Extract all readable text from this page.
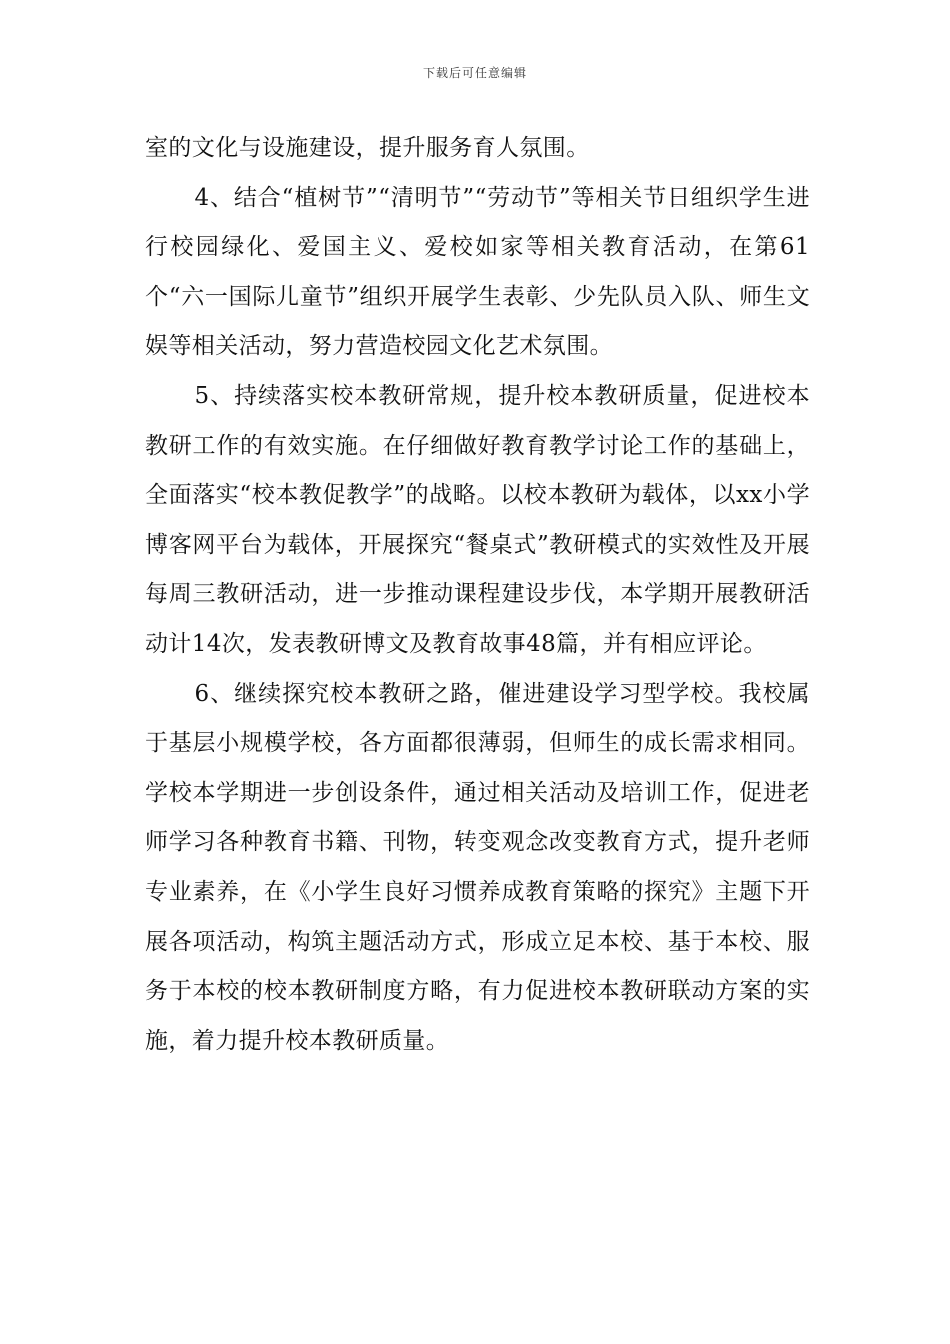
下载后可任意编辑

室的文化与设施建设，提升服务育人氛围。

4、结合“植树节”“清明节”“劳动节”等相关节日组织学生进行校园绿化、爱国主义、爱校如家等相关教育活动，在第61个“六一国际儿童节”组织开展学生表彰、少先队员入队、师生文娱等相关活动，努力营造校园文化艺术氛围。

5、持续落实校本教研常规，提升校本教研质量，促进校本教研工作的有效实施。在仔细做好教育教学讨论工作的基础上，全面落实“校本教促教学”的战略。以校本教研为载体，以xx小学博客网平台为载体，开展探究“餐桌式”教研模式的实效性及开展每周三教研活动，进一步推动课程建设步伐，本学期开展教研活动计14次，发表教研博文及教育故事48篇，并有相应评论。

6、继续探究校本教研之路，催进建设学习型学校。我校属于基层小规模学校，各方面都很薄弱，但师生的成长需求相同。学校本学期进一步创设条件，通过相关活动及培训工作，促进老师学习各种教育书籍、刊物，转变观念改变教育方式，提升老师专业素养，在《小学生良好习惯养成教育策略的探究》主题下开展各项活动，构筑主题活动方式，形成立足本校、基于本校、服务于本校的校本教研制度方略，有力促进校本教研联动方案的实施，着力提升校本教研质量。
